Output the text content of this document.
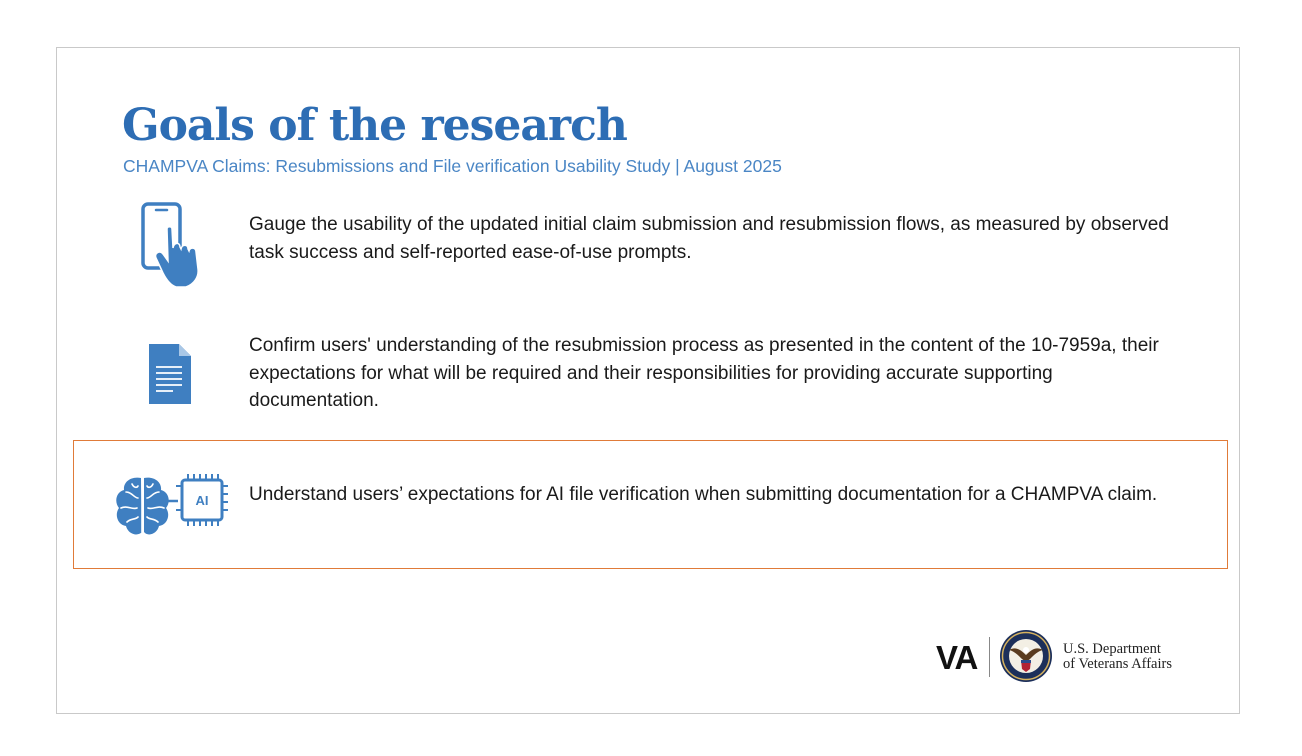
Goals of the research
CHAMPVA Claims: Resubmissions and File verification Usability Study | August 2025
Gauge the usability of the updated initial claim submission and resubmission flows, as measured by observed task success and self-reported ease-of-use prompts.
Confirm users' understanding of the resubmission process as presented in the content of the 10-7959a, their expectations for what will be required and their responsibilities for providing accurate supporting documentation.
AI Understand users’ expectations for AI file verification when submitting documentation for a CHAMPVA claim.
VA	U.S. Department
of Veterans Affairs
